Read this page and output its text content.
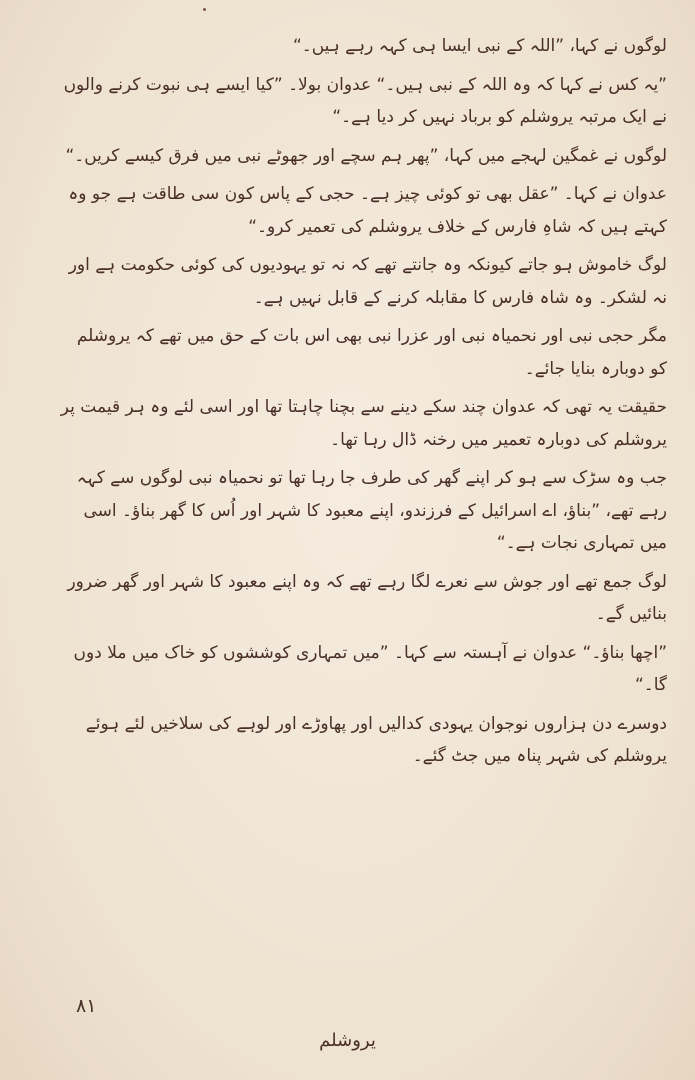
لوگوں نے کہا، ”اللہ کے نبی ایسا ہی کہہ رہے ہیں۔“

”یہ کس نے کہا کہ وہ اللہ کے نبی ہیں۔“ عدوان بولا۔ ”کیا ایسے ہی نبوت کرنے والوں نے ایک مرتبہ یروشلم کو برباد نہیں کر دیا ہے۔“

لوگوں نے غمگین لہجے میں کہا، ”پھر ہم سچے اور جھوٹے نبی میں فرق کیسے کریں۔“

عدوان نے کہا۔ ”عقل بھی تو کوئی چیز ہے۔ حجی کے پاس کون سی طاقت ہے جو وہ کہتے ہیں کہ شاہِ فارس کے خلاف یروشلم کی تعمیر کرو۔“

لوگ خاموش ہو جاتے کیونکہ وہ جانتے تھے کہ نہ تو یہودیوں کی کوئی حکومت ہے اور نہ لشکر۔ وہ شاہ فارس کا مقابلہ کرنے کے قابل نہیں ہے۔

مگر حجی نبی اور نحمیاہ نبی اور عزرا نبی بھی اس بات کے حق میں تھے کہ یروشلم کو دوبارہ بنایا جائے۔

حقیقت یہ تھی کہ عدوان چند سکے دینے سے بچنا چاہتا تھا اور اسی لئے وہ ہر قیمت پر یروشلم کی دوبارہ تعمیر میں رخنہ ڈال رہا تھا۔

جب وہ سڑک سے ہو کر اپنے گھر کی طرف جا رہا تھا تو نحمیاہ نبی لوگوں سے کہہ رہے تھے، ”بناؤ، اے اسرائیل کے فرزندو، اپنے معبود کا شہر اور اُس کا گھر بناؤ۔ اسی میں تمہاری نجات ہے۔“

لوگ جمع تھے اور جوش سے نعرے لگا رہے تھے کہ وہ اپنے معبود کا شہر اور گھر ضرور بنائیں گے۔

”اچھا بناؤ۔“ عدوان نے آہستہ سے کہا۔ ”میں تمہاری کوششوں کو خاک میں ملا دوں گا۔“

دوسرے دن ہزاروں نوجوان یہودی کدالیں اور پھاوڑے اور لوہے کی سلاخیں لئے ہوئے یروشلم کی شہر پناہ میں جٹ گئے۔

۸۱
یروشلم
